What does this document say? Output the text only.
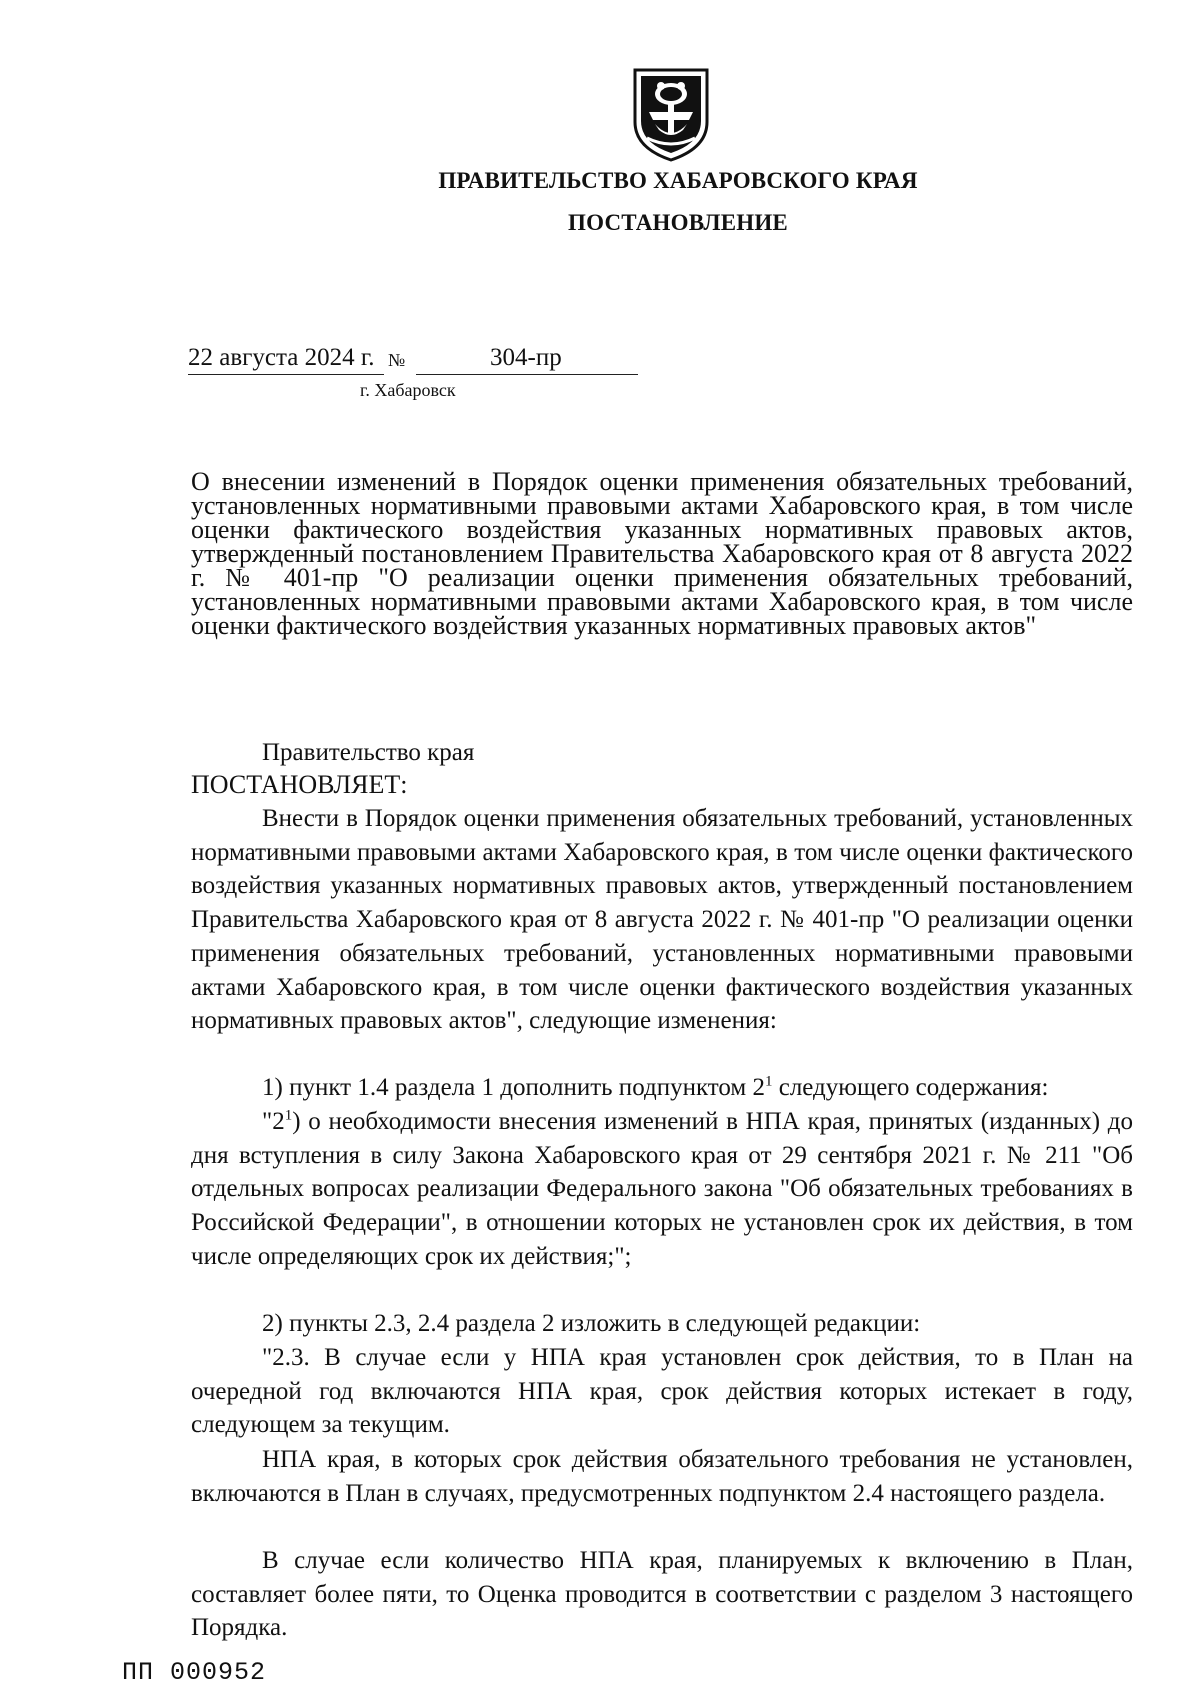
ПРАВИТЕЛЬСТВО ХАБАРОВСКОГО КРАЯ
ПОСТАНОВЛЕНИЕ
22 августа 2024 г. №	304-пр
г. Хабаровск
О внесении изменений в Порядок оценки применения обязательных требований, установленных нормативными правовыми актами Хабаровского края, в том числе оценки фактического воздействия указанных нормативных правовых актов, утвержденный постановлением Правительства Хабаровского края от 8 августа 2022 г. № 401-пр "О реализации оценки применения обязательных требований, установленных нормативными правовыми актами Хабаровского края, в том числе оценки фактического воздействия указанных нормативных правовых актов"
Правительство края
ПОСТАНОВЛЯЕТ:
Внести в Порядок оценки применения обязательных требований, установленных нормативными правовыми актами Хабаровского края, в том числе оценки фактического воздействия указанных нормативных правовых актов, утвержденный постановлением Правительства Хабаровского края от 8 августа 2022 г. № 401-пр "О реализации оценки применения обязательных требований, установленных нормативными правовыми актами Хабаровского края, в том числе оценки фактического воздействия указанных нормативных правовых актов", следующие изменения:
1) пункт 1.4 раздела 1 дополнить подпунктом $2^1$ следующего содержания:
"$2^1$) о необходимости внесения изменений в НПА края, принятых (изданных) до дня вступления в силу Закона Хабаровского края от 29 сентября 2021 г. № 211 "Об отдельных вопросах реализации Федерального закона "Об обязательных требованиях в Российской Федерации", в отношении которых не установлен срок их действия, в том числе определяющих срок их действия;";
2) пункты 2.3, 2.4 раздела 2 изложить в следующей редакции:
"2.3. В случае если у НПА края установлен срок действия, то в План на очередной год включаются НПА края, срок действия которых истекает в году, следующем за текущим.
НПА края, в которых срок действия обязательного требования не установлен, включаются в План в случаях, предусмотренных подпунктом 2.4 настоящего раздела.
В случае если количество НПА края, планируемых к включению в План, составляет более пяти, то Оценка проводится в соответствии с разделом 3 настоящего Порядка.
ПП 000952
